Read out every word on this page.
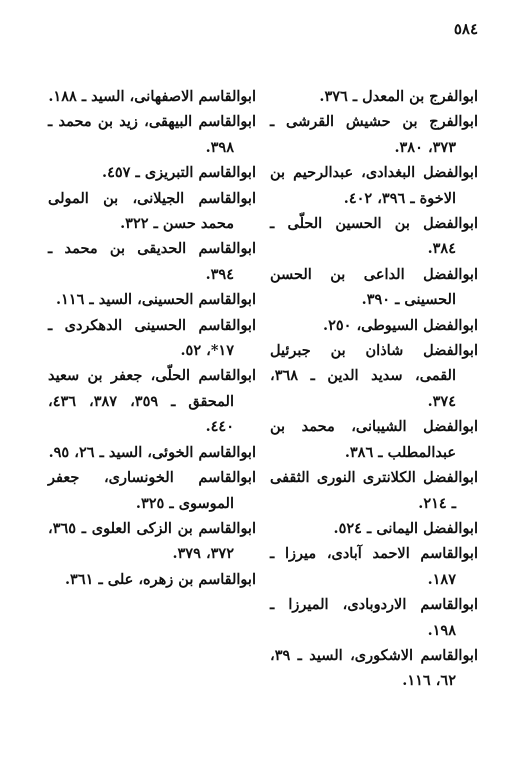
٥٨٤

ابوالفرج بن المعدل ـ ٣٧٦.

ابوالفرج بن حشيش القرشى ـ ٣٧٣، ٣٨٠.

ابوالفضل البغدادى، عبدالرحيم بن الاخوة ـ ٣٩٦، ٤٠٢.

ابوالفضل بن الحسين الحلّى ـ ٣٨٤.

ابوالفضل الداعى بن الحسن الحسينى ـ ٣٩٠.

ابوالفضل السيوطى، ٢٥٠.

ابوالفضل شاذان بن جبرئيل القمى، سديد الدين ـ ٣٦٨، ٣٧٤.

ابوالفضل الشيبانى، محمد بن عبدالمطلب ـ ٣٨٦.

ابوالفضل الكلانترى النورى الثقفى ـ ٢١٤.

ابوالفضل اليمانى ـ ٥٢٤.

ابوالقاسم الاحمد آبادى، ميرزا ـ ١٨٧.

ابوالقاسم الاردوبادى، الميرزا ـ ١٩٨.

ابوالقاسم الاشكورى، السيد ـ ٣٩، ٦٢، ١١٦.

ابوالقاسم الاصفهانى، السيد ـ ١٨٨.

ابوالقاسم البيهقى، زيد بن محمد ـ ٣٩٨.

ابوالقاسم التبريزى ـ ٤٥٧.

ابوالقاسم الجيلانى، بن المولى محمد حسن ـ ٣٢٢.

ابوالقاسم الحديقى بن محمد ـ ٣٩٤.

ابوالقاسم الحسينى، السيد ـ ١١٦.

ابوالقاسم الحسينى الدهكردى ـ ١٧*، ٥٢.

ابوالقاسم الحلّى، جعفر بن سعيد المحقق ـ ٣٥٩، ٣٨٧، ٤٣٦، ٤٤٠.

ابوالقاسم الخوئى، السيد ـ ٢٦، ٩٥.

ابوالقاسم الخونسارى، جعفر الموسوى ـ ٣٢٥.

ابوالقاسم بن الزكى العلوى ـ ٣٦٥، ٣٧٢، ٣٧٩.

ابوالقاسم بن زهره، على ـ ٣٦١.
